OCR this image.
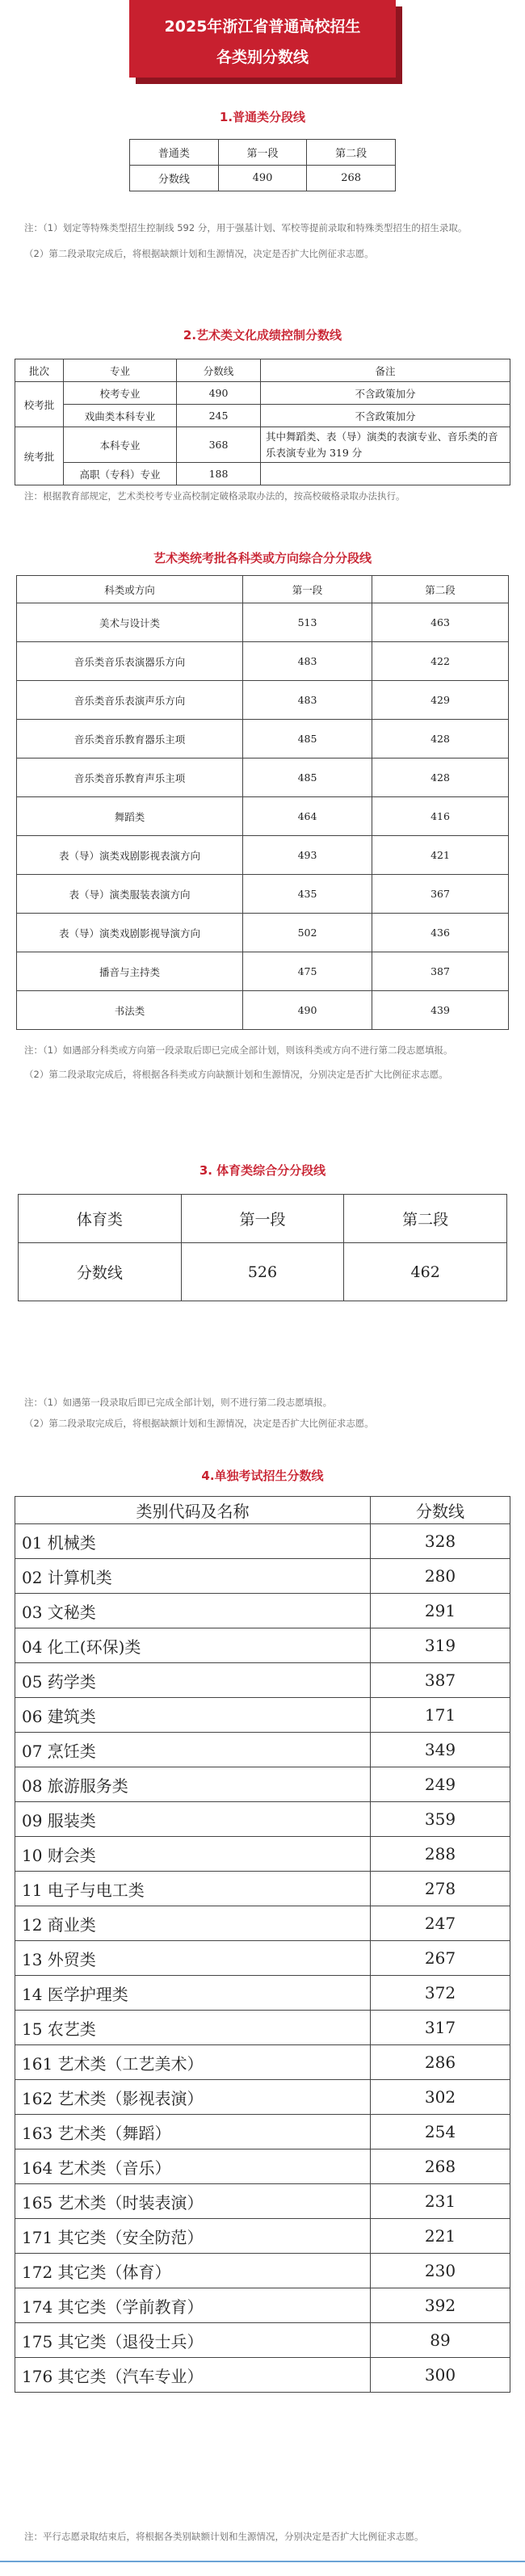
2025年浙江省普通高校招生
各类别分数线
1.普通类分段线
普通类	第一段	第二段
分数线	490	268

注：（1）划定等特殊类型招生控制线 592 分，用于强基计划、军校等提前录取和特殊类型招生的招生录取。

（2）第二段录取完成后，将根据缺额计划和生源情况，决定是否扩大比例征求志愿。

2.艺术类文化成绩控制分数线
批次	专业	分数线	备注
校考批	校考专业	490	不含政策加分
	戏曲类本科专业	245	不含政策加分
统考批	本科专业	368	其中舞蹈类、表（导）演类的表演专业、音乐类的音乐表演专业为 319 分
	高职（专科）专业	188	

注：根据教育部规定，艺术类校考专业高校制定破格录取办法的，按高校破格录取办法执行。

艺术类统考批各科类或方向综合分分段线
科类或方向	第一段	第二段
美术与设计类	513	463
音乐类音乐表演器乐方向	483	422
音乐类音乐表演声乐方向	483	429
音乐类音乐教育器乐主项	485	428
音乐类音乐教育声乐主项	485	428
舞蹈类	464	416
表（导）演类戏剧影视表演方向	493	421
表（导）演类服装表演方向	435	367
表（导）演类戏剧影视导演方向	502	436
播音与主持类	475	387
书法类	490	439

注：（1）如遇部分科类或方向第一段录取后即已完成全部计划，则该科类或方向不进行第二段志愿填报。

（2）第二段录取完成后，将根据各科类或方向缺额计划和生源情况，分别决定是否扩大比例征求志愿。

3. 体育类综合分分段线
体育类	第一段	第二段
分数线	526	462

注：（1）如遇第一段录取后即已完成全部计划，则不进行第二段志愿填报。

（2）第二段录取完成后，将根据缺额计划和生源情况，决定是否扩大比例征求志愿。

4.单独考试招生分数线
类别代码及名称	分数线
01 机械类	328
02 计算机类	280
03 文秘类	291
04 化工(环保)类	319
05 药学类	387
06 建筑类	171
07 烹饪类	349
08 旅游服务类	249
09 服装类	359
10 财会类	288
11 电子与电工类	278
12 商业类	247
13 外贸类	267
14 医学护理类	372
15 农艺类	317
161 艺术类（工艺美术）	286
162 艺术类（影视表演）	302
163 艺术类（舞蹈）	254
164 艺术类（音乐）	268
165 艺术类（时装表演）	231
171 其它类（安全防范）	221
172 其它类（体育）	230
174 其它类（学前教育）	392
175 其它类（退役士兵）	89
176 其它类（汽车专业）	300

注：平行志愿录取结束后，将根据各类别缺额计划和生源情况，分别决定是否扩大比例征求志愿。
